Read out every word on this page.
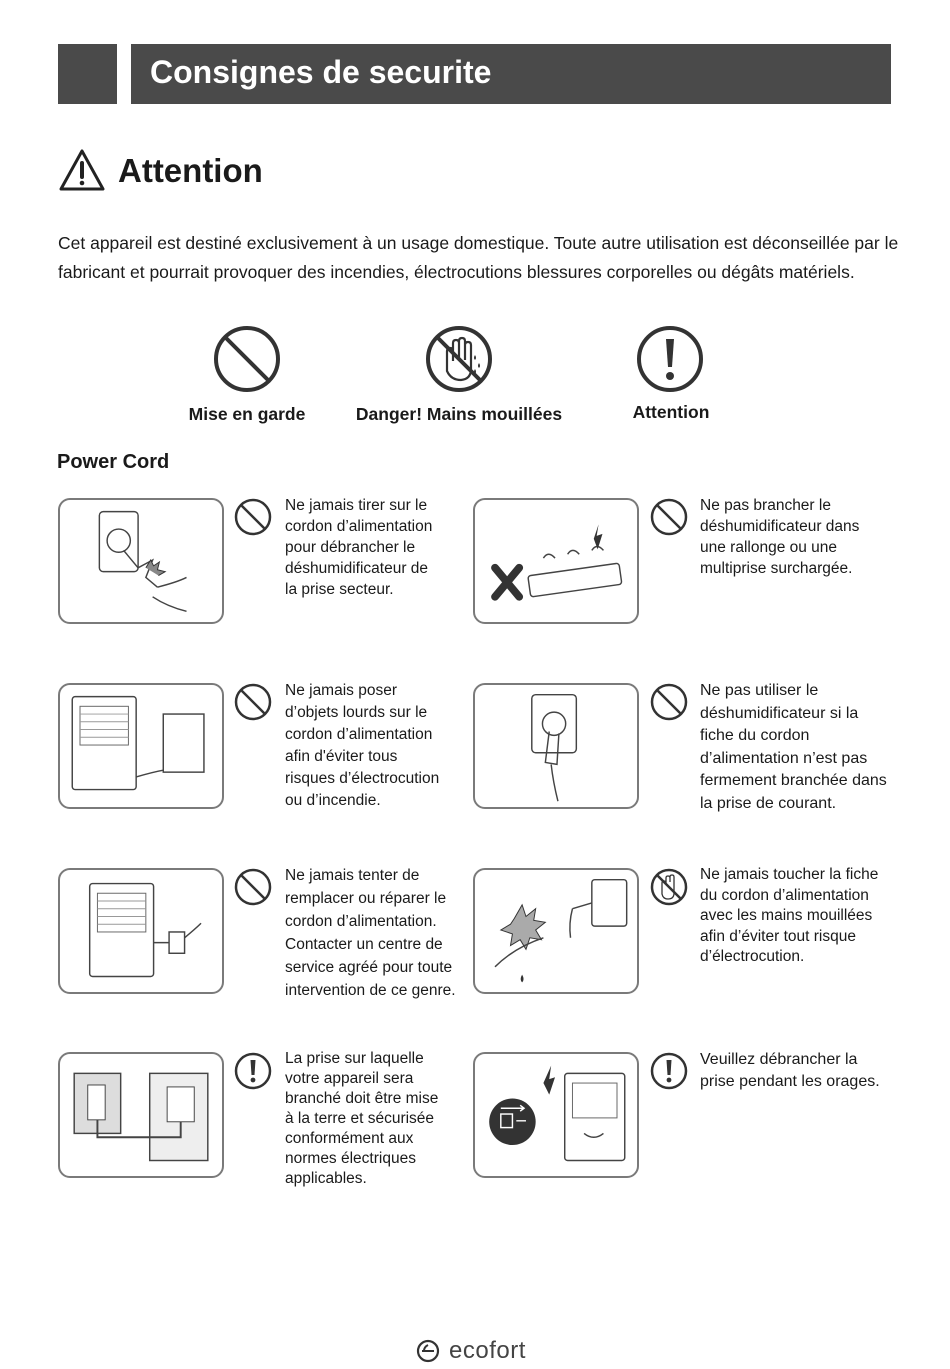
Consignes de securite
Attention
Cet appareil est destiné exclusivement à un usage domestique. Toute autre utilisation est déconseillée par le fabricant et pourrait provoquer des incendies, électrocutions blessures corporelles ou dégâts matériels.
Mise en garde	Danger! Mains mouillées	Attention
Power Cord
Ne jamais tirer sur le
cordon d’alimentation
pour débrancher le
déshumidificateur de
la prise secteur.
Ne pas brancher le
déshumidificateur dans
une rallonge ou une
multiprise surchargée.
Ne jamais poser
d’objets lourds sur le
cordon d’alimentation
afin d'éviter tous
risques d’électrocution
ou d’incendie.
Ne pas utiliser le
déshumidificateur si la
fiche du cordon
d’alimentation n’est pas
fermement branchée dans
la prise de courant.
Ne jamais tenter de
remplacer ou réparer le
cordon d’alimentation.
Contacter un centre de
service agréé pour toute
intervention de ce genre.
Ne jamais toucher la fiche
du cordon d’alimentation
avec les mains mouillées
afin d’éviter tout risque
d’électrocution.
La prise sur laquelle
votre appareil sera
branché doit être mise
à la terre et sécurisée
conformément aux
normes électriques
applicables.
Veuillez débrancher la
prise pendant les orages.
ecofort
